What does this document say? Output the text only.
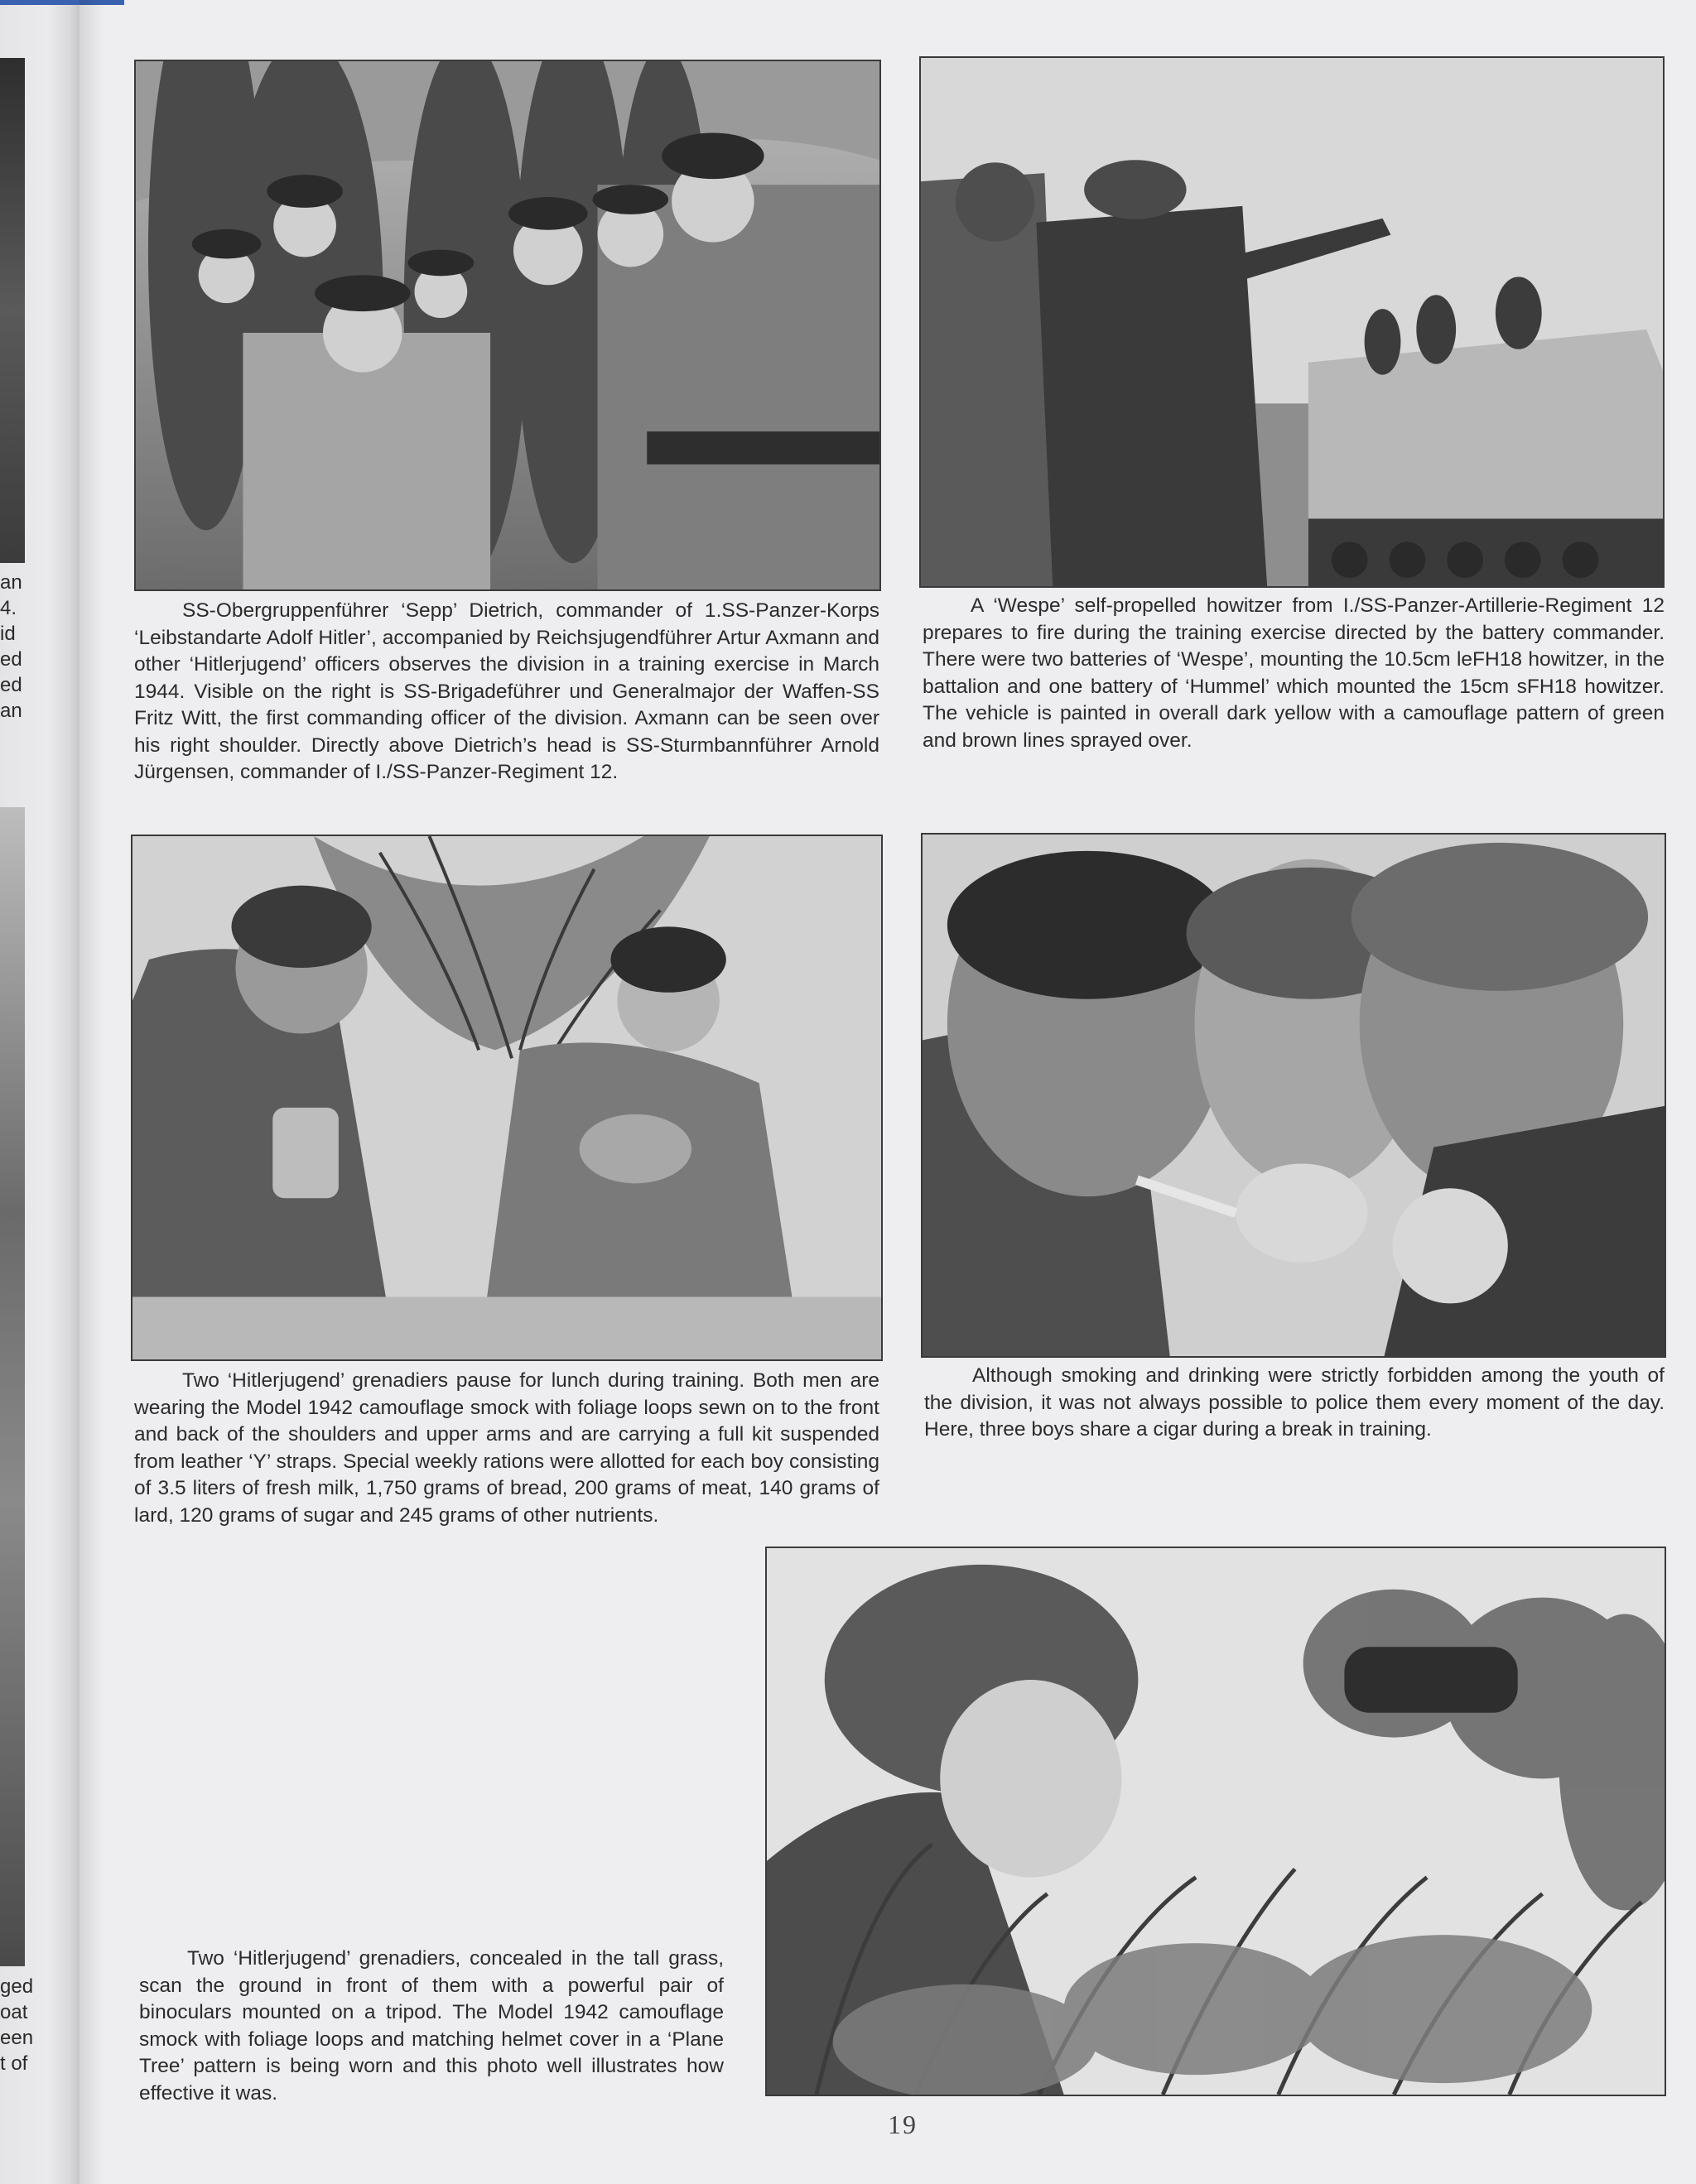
an
4.
id
ed
ed
an
ged
oat
een
t of

SS-Obergruppenführer ‘Sepp’ Dietrich, commander of 1.SS-Panzer-Korps ‘Leibstandarte Adolf Hitler’, accompanied by Reichsjugendführer Artur Axmann and other ‘Hitlerjugend’ officers observes the division in a training exercise in March 1944. Visible on the right is SS-Brigadeführer und Generalmajor der Waffen-SS Fritz Witt, the first commanding officer of the division. Axmann can be seen over his right shoulder. Directly above Dietrich’s head is SS-Sturmbannführer Arnold Jürgensen, commander of I./SS-Panzer-Regiment 12.

A ‘Wespe’ self-propelled howitzer from I./SS-Panzer-Artillerie-Regiment 12 prepares to fire during the training exercise directed by the battery commander. There were two batteries of ‘Wespe’, mounting the 10.5cm leFH18 howitzer, in the battalion and one battery of ‘Hummel’ which mounted the 15cm sFH18 howitzer. The vehicle is painted in overall dark yellow with a camouflage pattern of green and brown lines sprayed over.

Two ‘Hitlerjugend’ grenadiers pause for lunch during training. Both men are wearing the Model 1942 camouflage smock with foliage loops sewn on to the front and back of the shoulders and upper arms and are carrying a full kit suspended from leather ‘Y’ straps. Special weekly rations were allotted for each boy consisting of 3.5 liters of fresh milk, 1,750 grams of bread, 200 grams of meat, 140 grams of lard, 120 grams of sugar and 245 grams of other nutrients.

Although smoking and drinking were strictly forbidden among the youth of the division, it was not always possible to police them every moment of the day. Here, three boys share a cigar during a break in training.

Two ‘Hitlerjugend’ grenadiers, concealed in the tall grass, scan the ground in front of them with a powerful pair of binoculars mounted on a tripod. The Model 1942 camouflage smock with foliage loops and matching helmet cover in a ‘Plane Tree’ pattern is being worn and this photo well illustrates how effective it was.

19
